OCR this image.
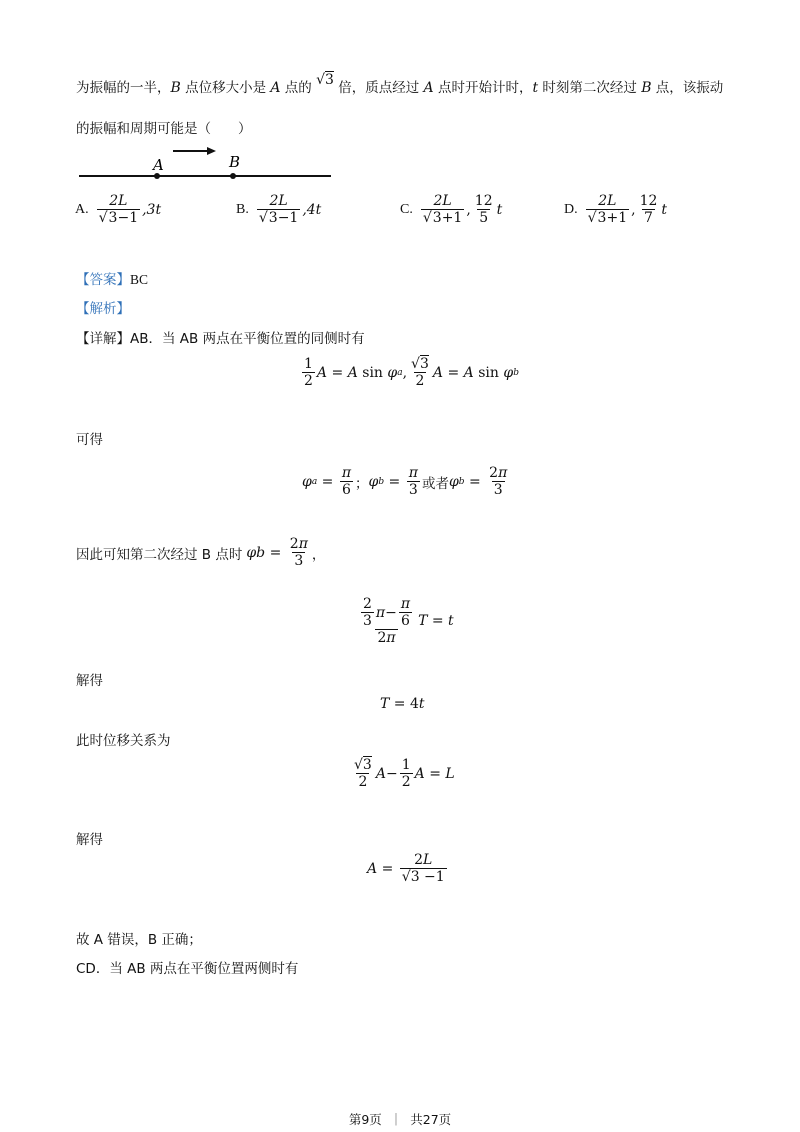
为振幅的一半，B 点位移大小是 A 点的 √3 倍，质点经过 A 点时开始计时，t 时刻第二次经过 B 点，该振动
的振幅和周期可能是（　　）
A	B
A. $\frac{2L}{√3-1} ,3t$	B. $\frac{2L}{√3-1} ,4t$	C. $\frac{2L}{√3+1}$ , $\frac{12}{5}$ t	D. $\frac{2L}{√3+1}$ , $\frac{12}{7}$ t
【答案】BC
【解析】
【详解】AB．当 AB 两点在平衡位置的同侧时有
$\frac{1}{2}$ A = A sin φ a , $\frac{√3}{2}$ A = A sin φ b
可得
φ $a = \frac{\pi}{6}$ ； φ $b = \frac{\pi}{3}$ 或者 φ $b = \frac{2\pi}{3}$
因此可知第二次经过 B 点时 φ $b = \frac{2\pi}{3}$ ，
$\frac{\frac{2}{3} \pi - \frac{\pi}{6}}{2\pi}$ T = t
解得
T = 4t
此时位移关系为
$\frac{√3}{2}$ $A - \frac{1}{2}$ A = L
解得
$A = \frac{2L}{√3 -1}$
故 A 错误，B 正确；
CD．当 AB 两点在平衡位置两侧时有
第9页 ｜ 共27页
